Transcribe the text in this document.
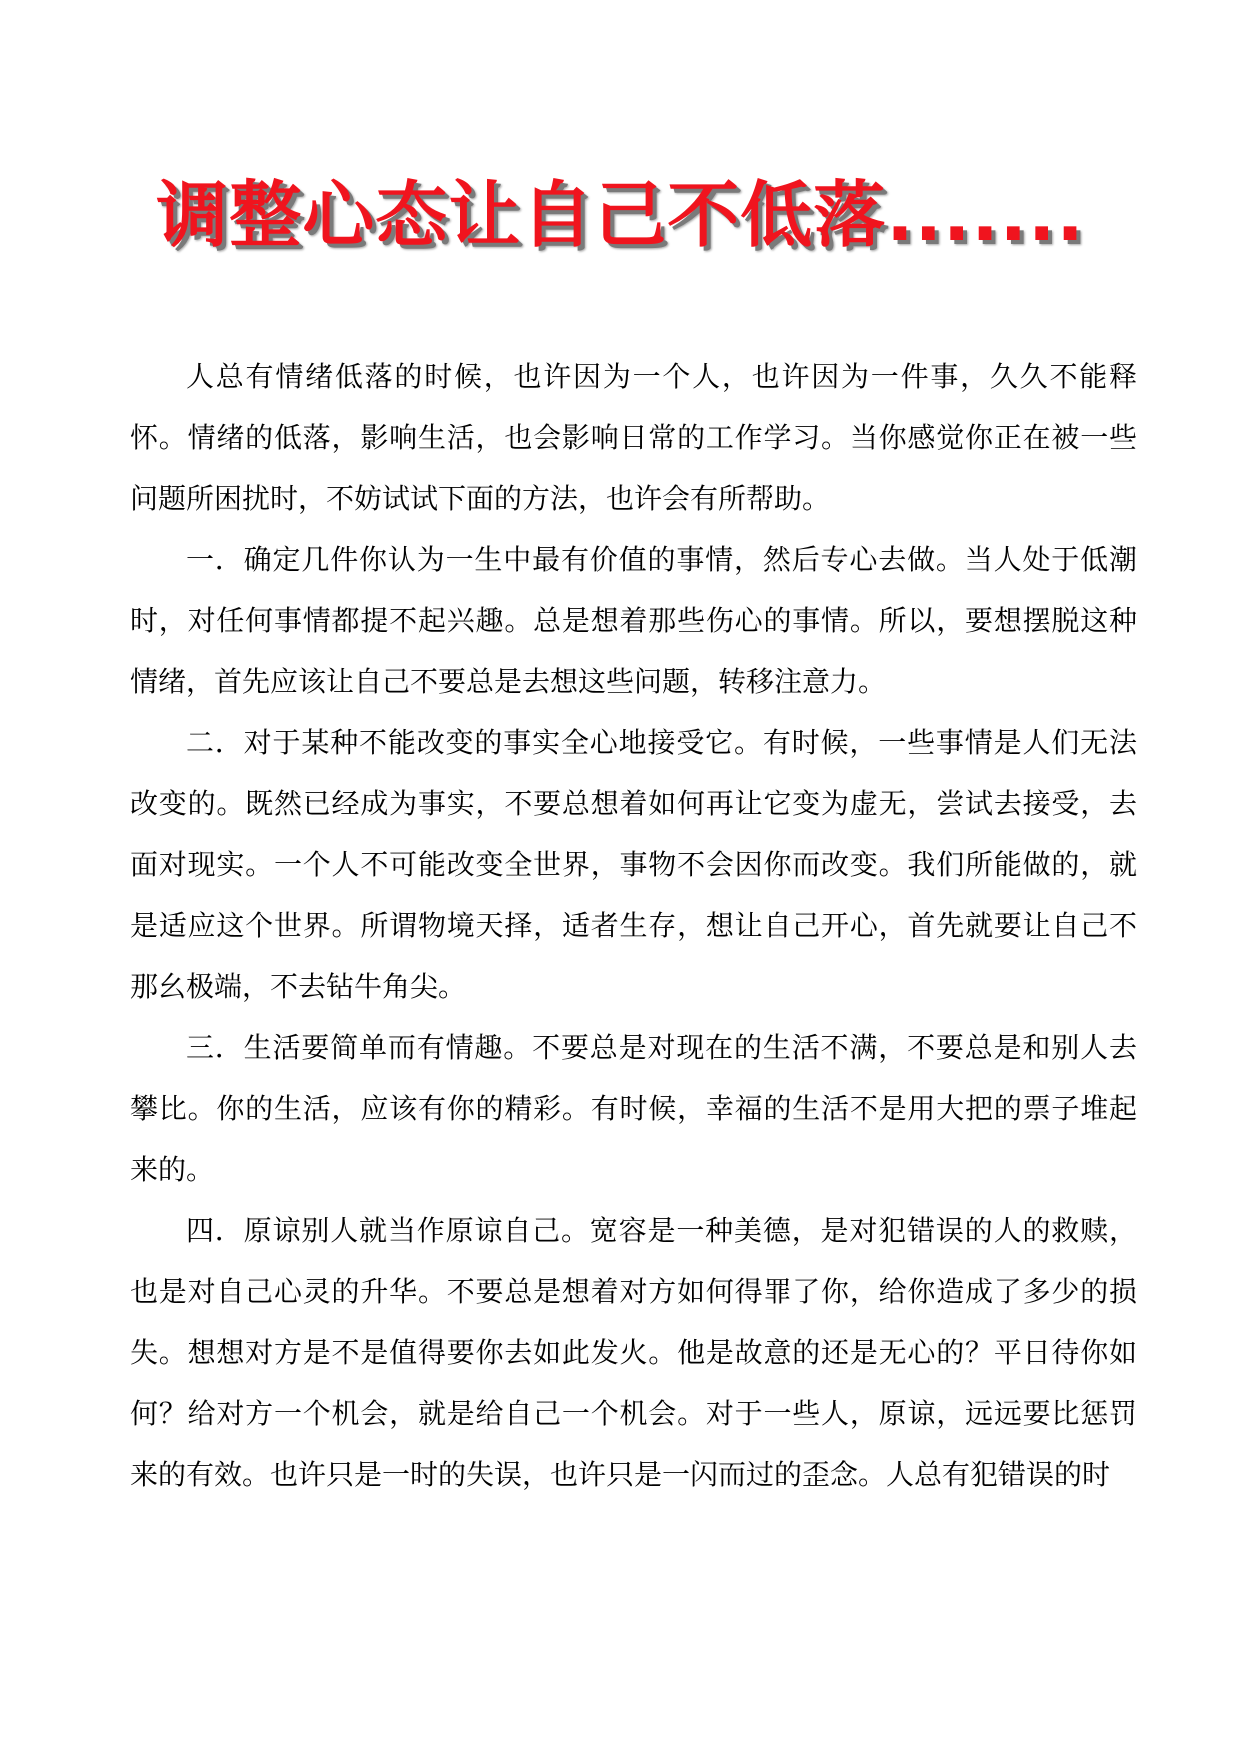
调整心态让自己不低落.......

人总有情绪低落的时候，也许因为一个人，也许因为一件事，久久不能释怀。情绪的低落，影响生活，也会影响日常的工作学习。当你感觉你正在被一些问题所困扰时，不妨试试下面的方法，也许会有所帮助。

一．确定几件你认为一生中最有价值的事情，然后专心去做。当人处于低潮时，对任何事情都提不起兴趣。总是想着那些伤心的事情。所以，要想摆脱这种情绪，首先应该让自己不要总是去想这些问题，转移注意力。

二．对于某种不能改变的事实全心地接受它。有时候，一些事情是人们无法改变的。既然已经成为事实，不要总想着如何再让它变为虚无，尝试去接受，去面对现实。一个人不可能改变全世界，事物不会因你而改变。我们所能做的，就是适应这个世界。所谓物境天择，适者生存，想让自己开心，首先就要让自己不那幺极端，不去钻牛角尖。

三．生活要简单而有情趣。不要总是对现在的生活不满，不要总是和别人去攀比。你的生活，应该有你的精彩。有时候，幸福的生活不是用大把的票子堆起来的。

四．原谅别人就当作原谅自己。宽容是一种美德，是对犯错误的人的救赎，也是对自己心灵的升华。不要总是想着对方如何得罪了你，给你造成了多少的损失。想想对方是不是值得要你去如此发火。他是故意的还是无心的？平日待你如何？给对方一个机会，就是给自己一个机会。对于一些人，原谅，远远要比惩罚来的有效。也许只是一时的失误，也许只是一闪而过的歪念。人总有犯错误的时
